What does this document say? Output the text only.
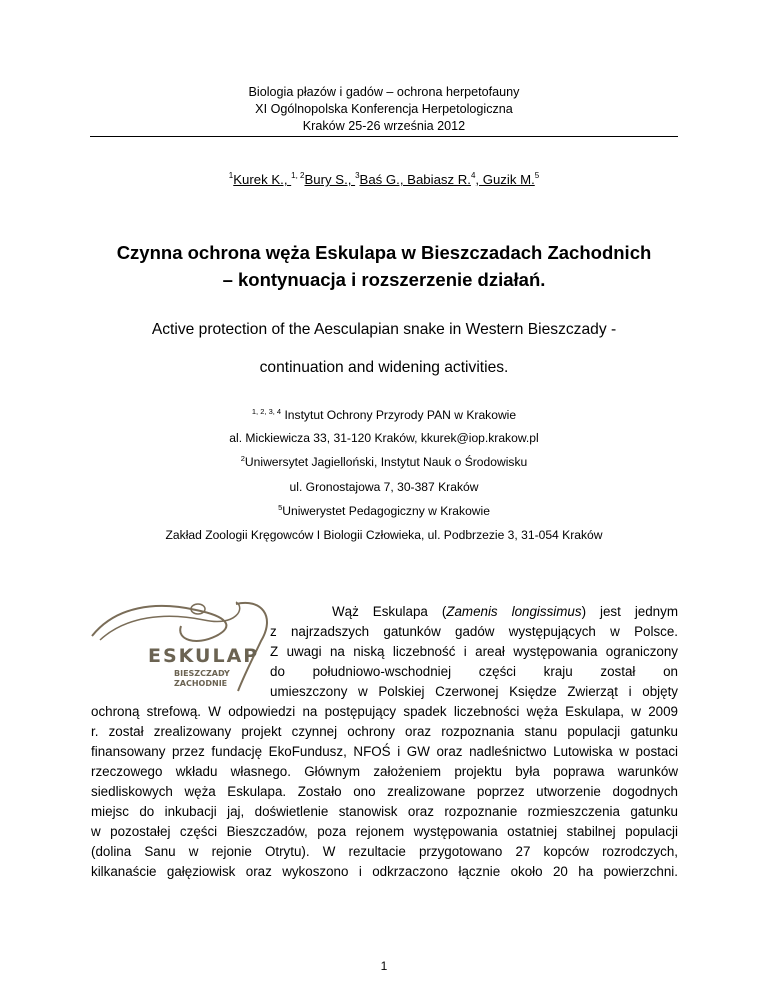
Biologia płazów i gadów – ochrona herpetofauny
XI Ogólnopolska Konferencja Herpetologiczna
Kraków 25-26 września 2012
$^1$Kurek K., $^{1, 2}$Bury S., $^3$Baś G., Babiasz R.$^4$, Guzik M.$^5$
Czynna ochrona węża Eskulapa w Bieszczadach Zachodnich
– kontynuacja i rozszerzenie działań.
Active protection of the Aesculapian snake in Western Bieszczady -
continuation and widening activities.
$^{1, 2, 3, 4}$ Instytut Ochrony Przyrody PAN w Krakowie
al. Mickiewicza 33, 31-120 Kraków, kkurek@iop.krakow.pl
$^2$Uniwersytet Jagielloński, Instytut Nauk o Środowisku
ul. Gronostajowa 7, 30-387 Kraków
$^5$Uniwerystet Pedagogiczny w Krakowie
Zakład Zoologii Kręgowców I Biologii Człowieka, ul. Podbrzezie 3, 31-054 Kraków
ESKULAP
BIESZCZADY
ZACHODNIE
Wąż Eskulapa (Zamenis longissimus) jest jednym
z najrzadszych gatunków gadów występujących w Polsce.
Z uwagi na niską liczebność i areał występowania ograniczony
do południowo-wschodniej części kraju został on
umieszczony w Polskiej Czerwonej Księdze Zwierząt i objęty
ochroną strefową. W odpowiedzi na postępujący spadek liczebności węża Eskulapa, w 2009
r. został zrealizowany projekt czynnej ochrony oraz rozpoznania stanu populacji gatunku
finansowany przez fundację EkoFundusz, NFOŚ i GW oraz nadleśnictwo Lutowiska w postaci
rzeczowego wkładu własnego. Głównym założeniem projektu była poprawa warunków
siedliskowych węża Eskulapa. Zostało ono zrealizowane poprzez utworzenie dogodnych
miejsc do inkubacji jaj, doświetlenie stanowisk oraz rozpoznanie rozmieszczenia gatunku
w pozostałej części Bieszczadów, poza rejonem występowania ostatniej stabilnej populacji
(dolina Sanu w rejonie Otrytu). W rezultacie przygotowano 27 kopców rozrodczych,
kilkanaście gałęziowisk oraz wykoszono i odkrzaczono łącznie około 20 ha powierzchni.
1
